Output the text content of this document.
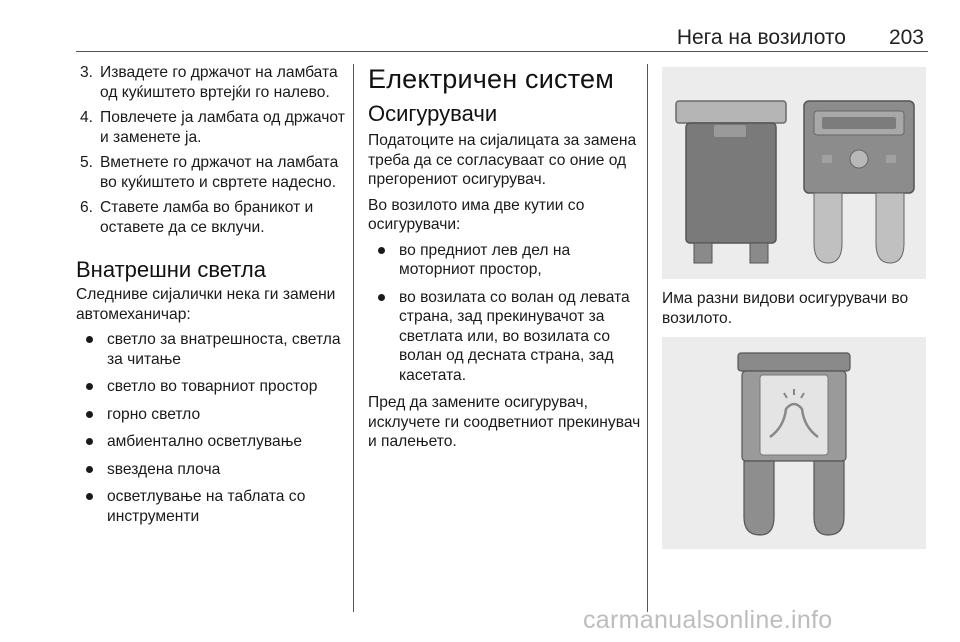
Нега на возилото 203
3. Извадете го држачот на ламбата од куќиштето вртејќи го налево.
4. Повлечете ја ламбата од држачот и заменете ја.
5. Вметнете го држачот на ламбата во куќиштето и свртете надесно.
6. Ставете ламба во браникот и оставете да се вклучи.
Внатрешни светла
Следниве сијалички нека ги замени автомеханичар:
светло за внатрешноста, светла за читање
светло во товарниот простор
горно светло
амбиентално осветлување
ѕвездена плоча
осветлување на таблата со инструменти
Електричен систем
Осигурувачи
Податоците на сијалицата за замена треба да се согласуваат со оние од прегорениот осигурувач.
Во возилото има две кутии со осигурувачи:
во предниот лев дел на моторниот простор,
во возилата со волан од левата страна, зад прекинувачот за светлата или, во возилата со волан од десната страна, зад касетата.
Пред да замените осигурувач, исклучете ги соодветниот прекинувач и палењето.
Има разни видови осигурувачи во возилото.
carmanualsonline.info
